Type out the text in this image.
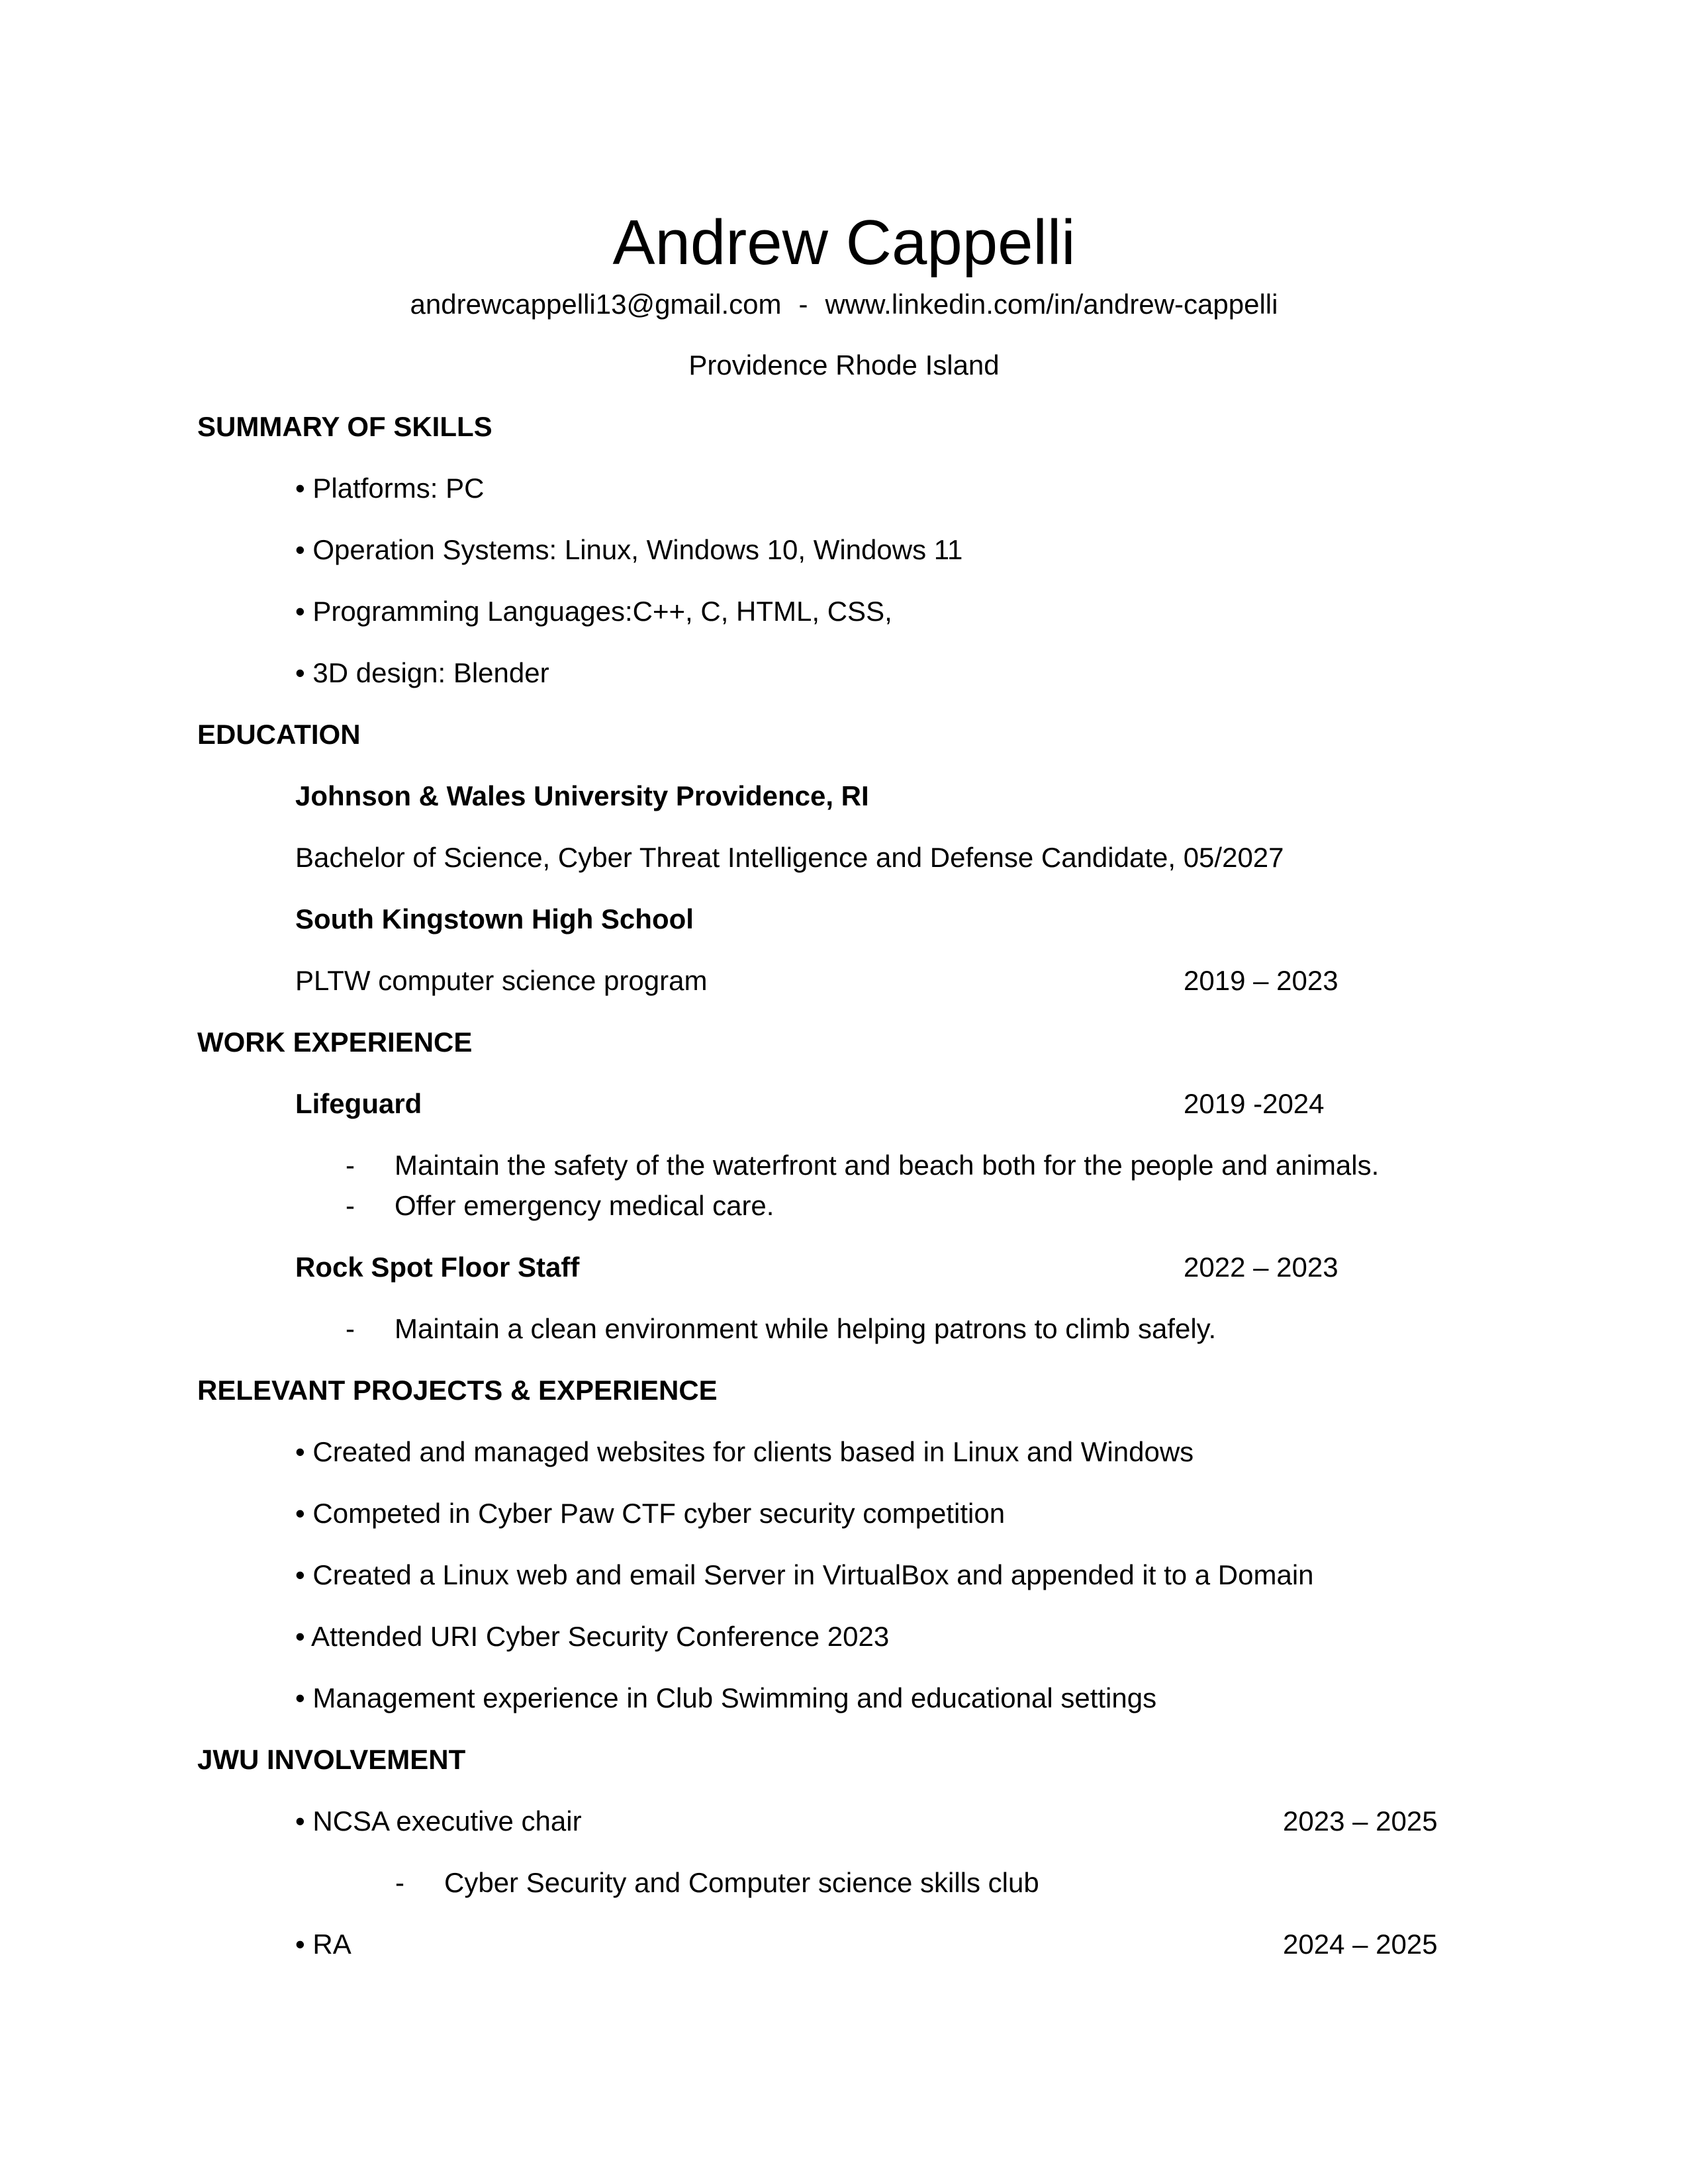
Andrew Cappelli
andrewcappelli13@gmail.com - www.linkedin.com/in/andrew-cappelli
Providence Rhode Island
SUMMARY OF SKILLS
• Platforms: PC
• Operation Systems: Linux, Windows 10, Windows 11
• Programming Languages:C++, C, HTML, CSS,
• 3D design: Blender
EDUCATION
Johnson & Wales University Providence, RI
Bachelor of Science, Cyber Threat Intelligence and Defense Candidate, 05/2027
South Kingstown High School
PLTW computer science program	2019 – 2023
WORK EXPERIENCE
Lifeguard	2019 -2024
- Maintain the safety of the waterfront and beach both for the people and animals.
- Offer emergency medical care.
Rock Spot Floor Staff	2022 – 2023
- Maintain a clean environment while helping patrons to climb safely.
RELEVANT PROJECTS & EXPERIENCE
• Created and managed websites for clients based in Linux and Windows
• Competed in Cyber Paw CTF cyber security competition
• Created a Linux web and email Server in VirtualBox and appended it to a Domain
• Attended URI Cyber Security Conference 2023
• Management experience in Club Swimming and educational settings
JWU INVOLVEMENT
• NCSA executive chair	2023 – 2025
- Cyber Security and Computer science skills club
• RA	2024 – 2025
